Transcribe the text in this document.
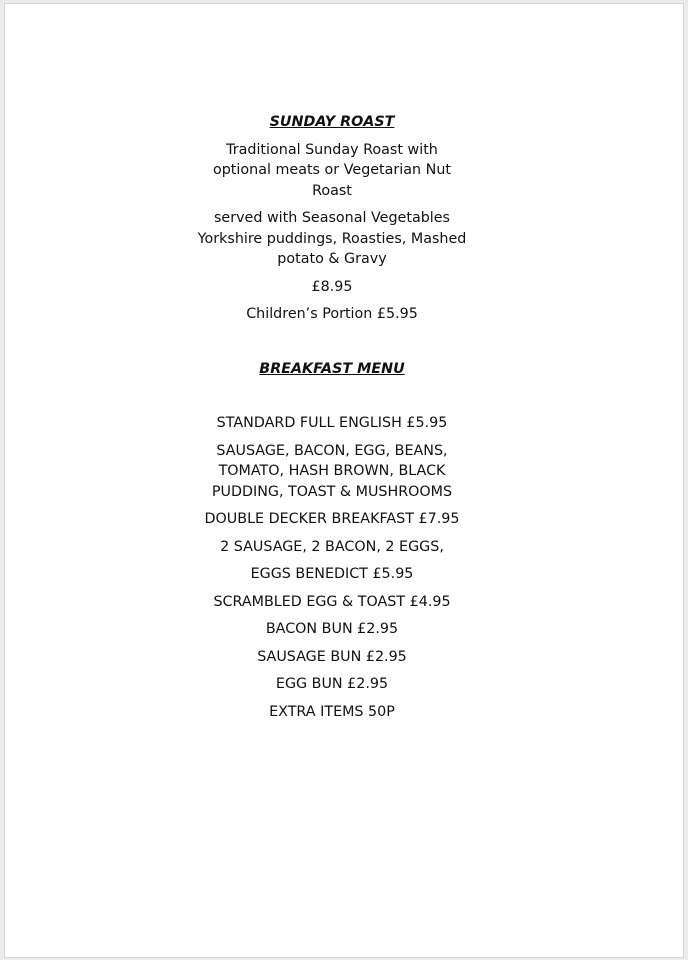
SUNDAY ROAST

Traditional Sunday Roast with
optional meats or Vegetarian Nut
Roast

served with Seasonal Vegetables
Yorkshire puddings, Roasties, Mashed
potato & Gravy

£8.95

Children’s Portion £5.95

BREAKFAST MENU

STANDARD FULL ENGLISH £5.95

SAUSAGE, BACON, EGG, BEANS,
TOMATO, HASH BROWN, BLACK
PUDDING, TOAST & MUSHROOMS

DOUBLE DECKER BREAKFAST £7.95

2 SAUSAGE, 2 BACON, 2 EGGS,

EGGS BENEDICT £5.95

SCRAMBLED EGG & TOAST £4.95

BACON BUN £2.95

SAUSAGE BUN £2.95

EGG BUN £2.95

EXTRA ITEMS 50P
